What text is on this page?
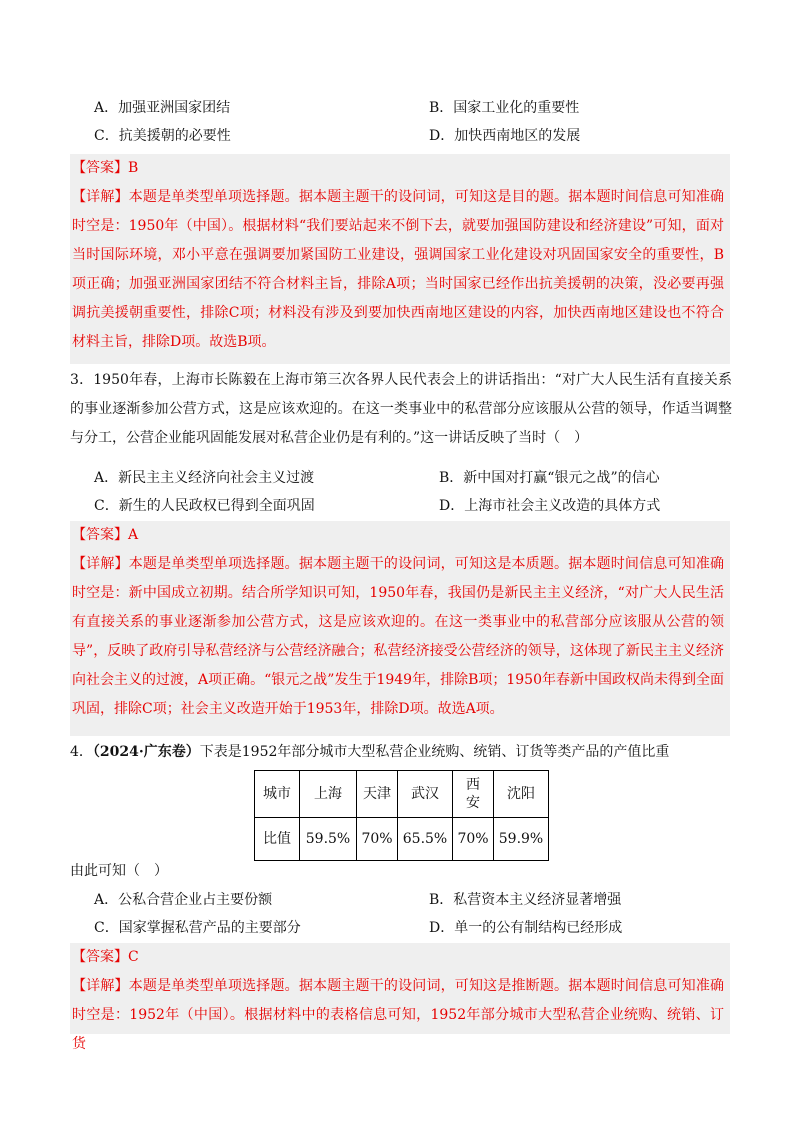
A．加强亚洲国家团结	B．国家工业化的重要性
C．抗美援朝的必要性	D．加快西南地区的发展
【答案】B
【详解】本题是单类型单项选择题。据本题主题干的设问词，可知这是目的题。据本题时间信息可知准确时空是：1950年（中国）。根据材料“我们要站起来不倒下去，就要加强国防建设和经济建设”可知，面对当时国际环境，邓小平意在强调要加紧国防工业建设，强调国家工业化建设对巩固国家安全的重要性，B项正确；加强亚洲国家团结不符合材料主旨，排除A项；当时国家已经作出抗美援朝的决策，没必要再强调抗美援朝重要性，排除C项；材料没有涉及到要加快西南地区建设的内容，加快西南地区建设也不符合材料主旨，排除D项。故选B项。
3．1950年春，上海市长陈毅在上海市第三次各界人民代表会上的讲话指出：“对广大人民生活有直接关系的事业逐渐参加公营方式，这是应该欢迎的。在这一类事业中的私营部分应该服从公营的领导，作适当调整与分工，公营企业能巩固能发展对私营企业仍是有利的。”这一讲话反映了当时（　）
A．新民主主义经济向社会主义过渡	B．新中国对打赢“银元之战”的信心
C．新生的人民政权已得到全面巩固	D．上海市社会主义改造的具体方式
【答案】A
【详解】本题是单类型单项选择题。据本题主题干的设问词，可知这是本质题。据本题时间信息可知准确时空是：新中国成立初期。结合所学知识可知，1950年春，我国仍是新民主主义经济，“对广大人民生活有直接关系的事业逐渐参加公营方式，这是应该欢迎的。在这一类事业中的私营部分应该服从公营的领导”，反映了政府引导私营经济与公营经济融合；私营经济接受公营经济的领导，这体现了新民主主义经济向社会主义的过渡，A项正确。“银元之战”发生于1949年，排除B项；1950年春新中国政权尚未得到全面巩固，排除C项；社会主义改造开始于1953年，排除D项。故选A项。
4．（2024·广东卷）下表是1952年部分城市大型私营企业统购、统销、订货等类产品的产值比重
城市	上海	天津	武汉	西安	沈阳
比值	59.5%	70%	65.5%	70%	59.9%
由此可知（　）
A．公私合营企业占主要份额	B．私营资本主义经济显著增强
C．国家掌握私营产品的主要部分	D．单一的公有制结构已经形成
【答案】C
【详解】本题是单类型单项选择题。据本题主题干的设问词，可知这是推断题。据本题时间信息可知准确时空是：1952年（中国）。根据材料中的表格信息可知，1952年部分城市大型私营企业统购、统销、订货
